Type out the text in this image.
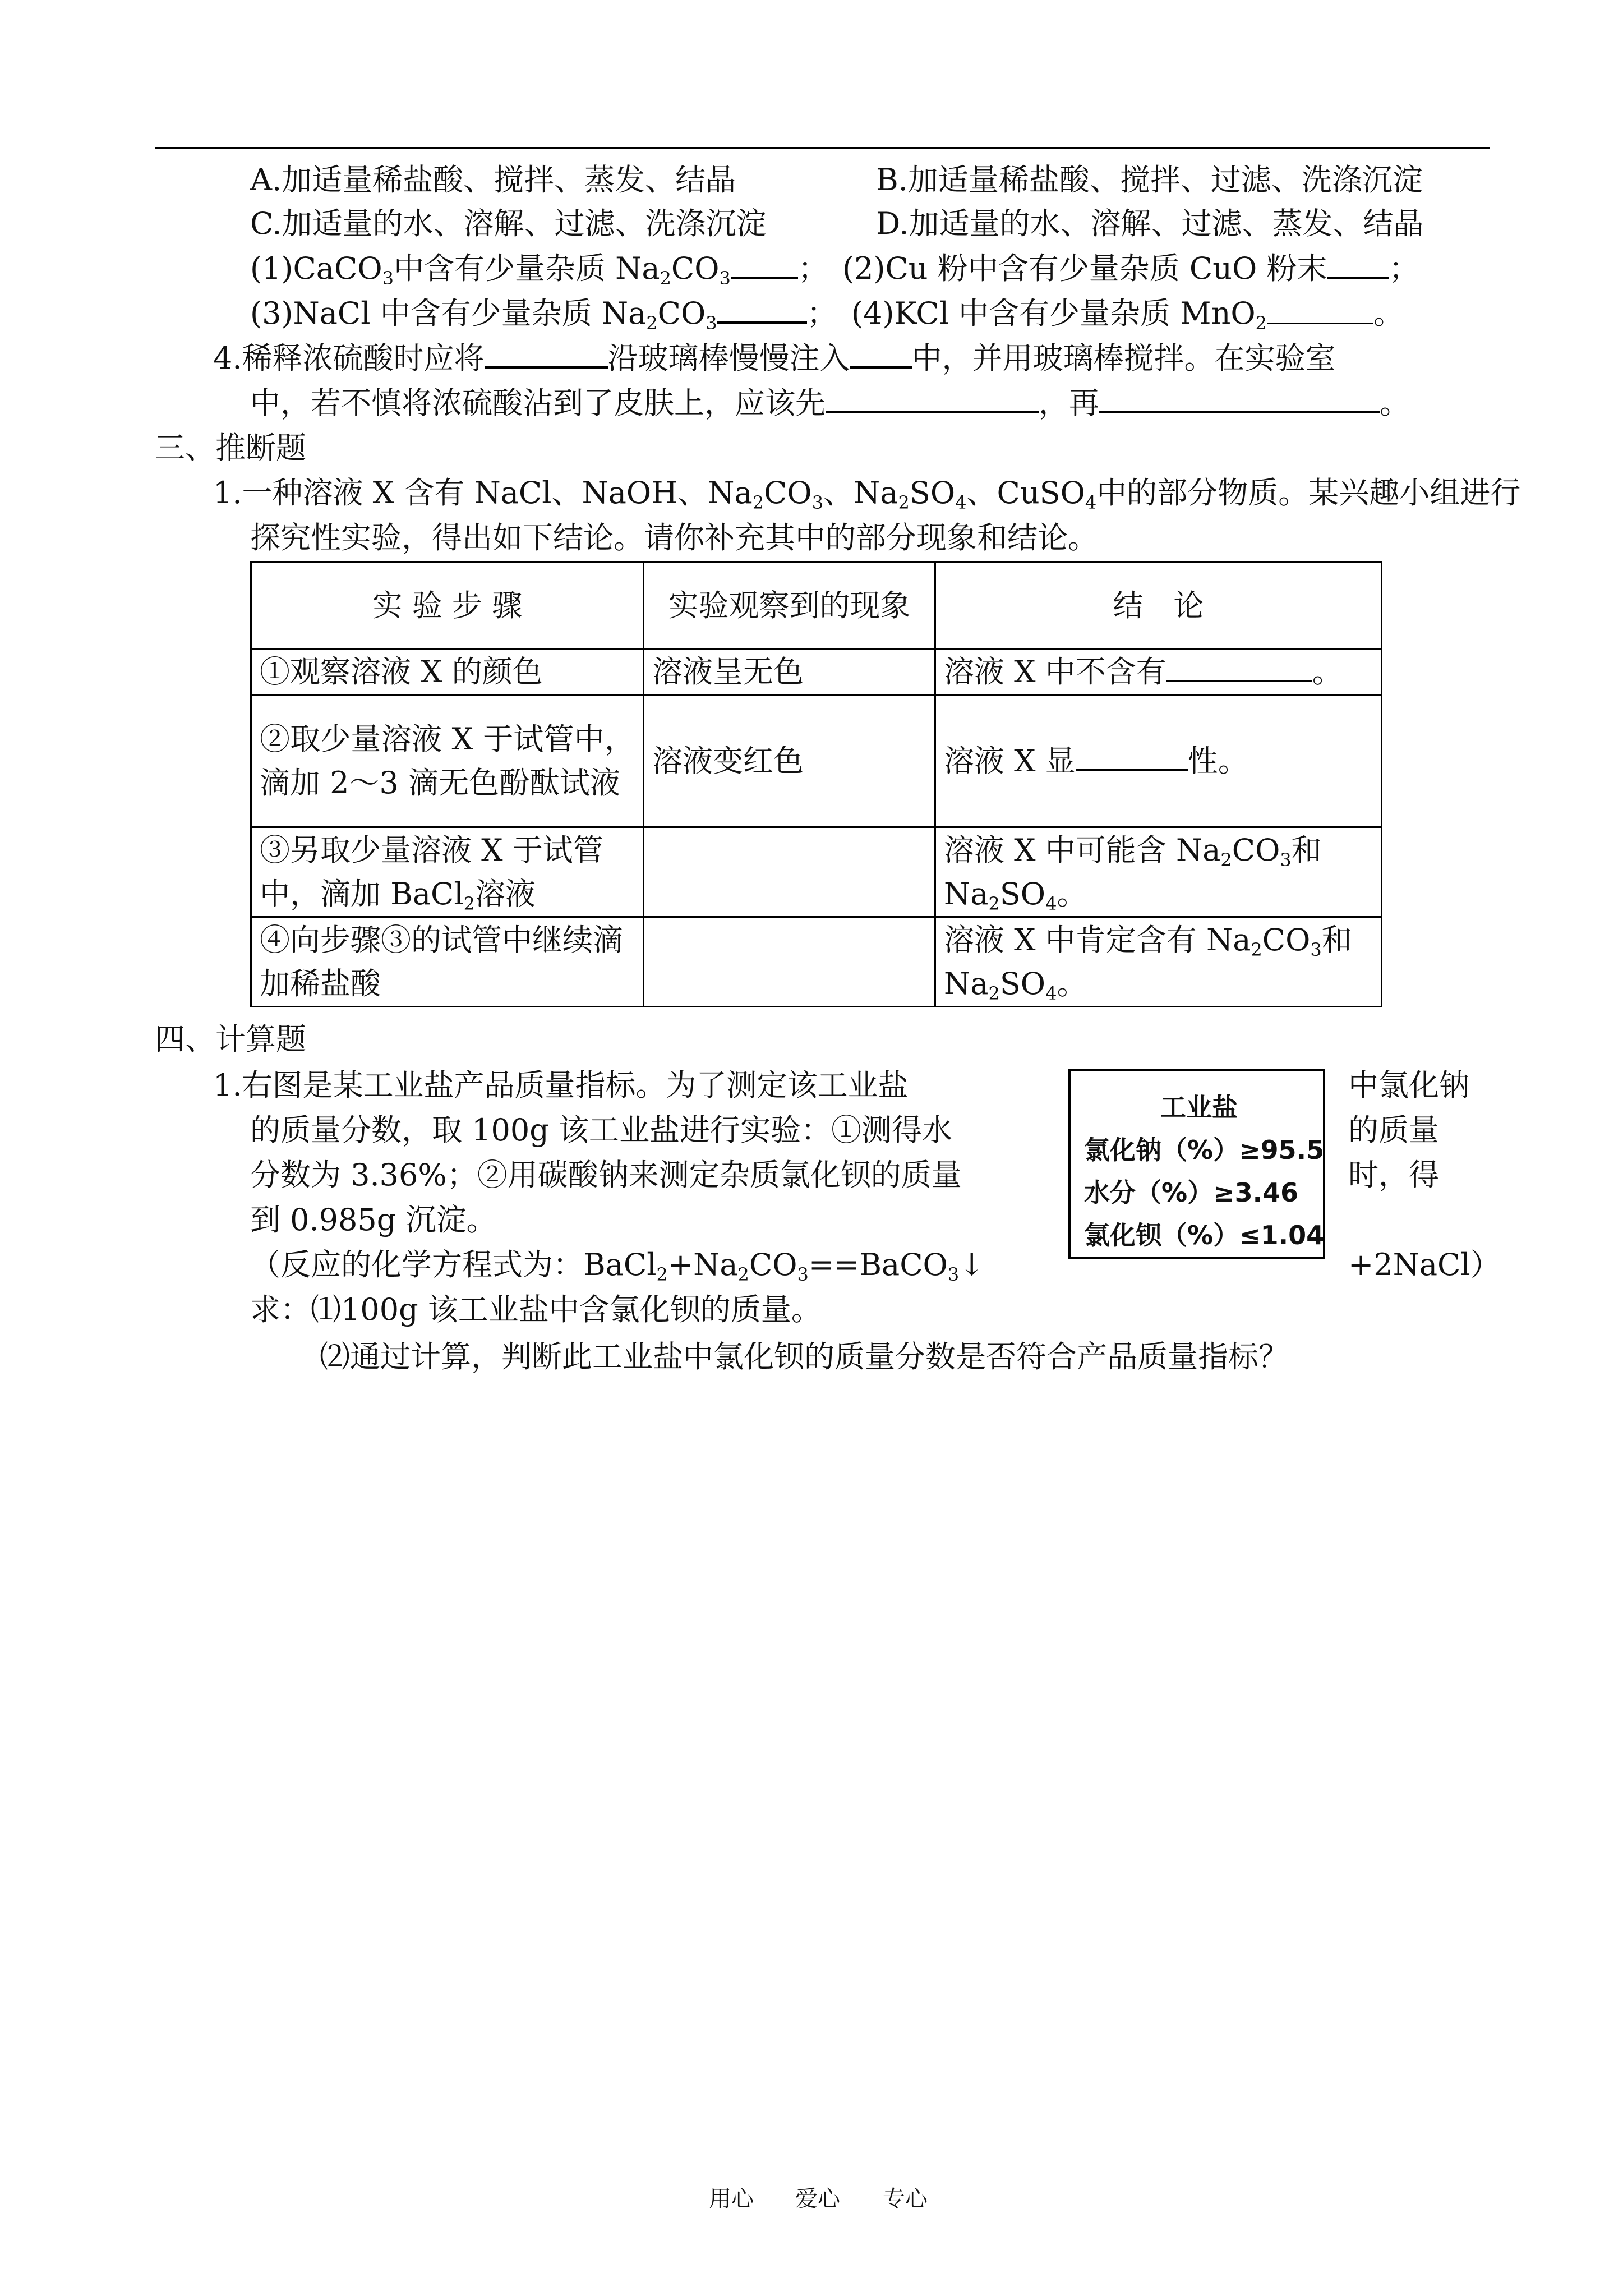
A.加适量稀盐酸、搅拌、蒸发、结晶	B.加适量稀盐酸、搅拌、过滤、洗涤沉淀
C.加适量的水、溶解、过滤、洗涤沉淀	D.加适量的水、溶解、过滤、蒸发、结晶
(1)CaCO$_3$中含有少量杂质 $Na_2CO_3$ ； (2)Cu 粉中含有少量杂质 CuO 粉末 ；
(3)NaCl 中含有少量杂质 $Na_2CO_3$	； (4)KCl 中含有少量杂质 MnO$_2$	。
4.稀释浓硫酸时应将	沿玻璃棒慢慢注入 中，并用玻璃棒搅拌。在实验室
中，若不慎将浓硫酸沾到了皮肤上，应该先	，再	。
三、推断题
1.一种溶液 X 含有 NaCl、NaOH、$Na_2CO_3$、$Na_2SO_4$、CuSO$_4$中的部分物质。某兴趣小组进行
探究性实验，得出如下结论。请你补充其中的部分现象和结论。
实 验 步 骤	实验观察到的现象	结　论
①观察溶液 X 的颜色	溶液呈无色	溶液 X 中不含有 。
②取少量溶液 X 于试管中，滴加 2～3 滴无色酚酞试液	溶液变红色	溶液 X 显 性。
③另取少量溶液 X 于试管中，滴加 BaCl$_2$溶液		溶液 X 中可能含 $Na_2CO_3$和 $Na_2SO_4$。
④向步骤③的试管中继续滴加稀盐酸		溶液 X 中肯定含有 $Na_2CO_3$和 $Na_2SO_4$。
四、计算题
1.右图是某工业盐产品质量指标。为了测定该工业盐	中氯化钠
的质量分数，取 100g 该工业盐进行实验：①测得水	的质量
分数为 3.36%；②用碳酸钠来测定杂质氯化钡的质量	时，得
到 0.985g 沉淀。
（反应的化学方程式为：$BaCl_2+Na_2CO_3==BaCO_3↓$	+2NaCl）
求：⑴100g 该工业盐中含氯化钡的质量。
⑵通过计算，判断此工业盐中氯化钡的质量分数是否符合产品质量指标？
工业盐
氯化钠（%）≥95.5
水分（%）≥3.46
氯化钡（%）≤1.04
用心 爱心 专心
